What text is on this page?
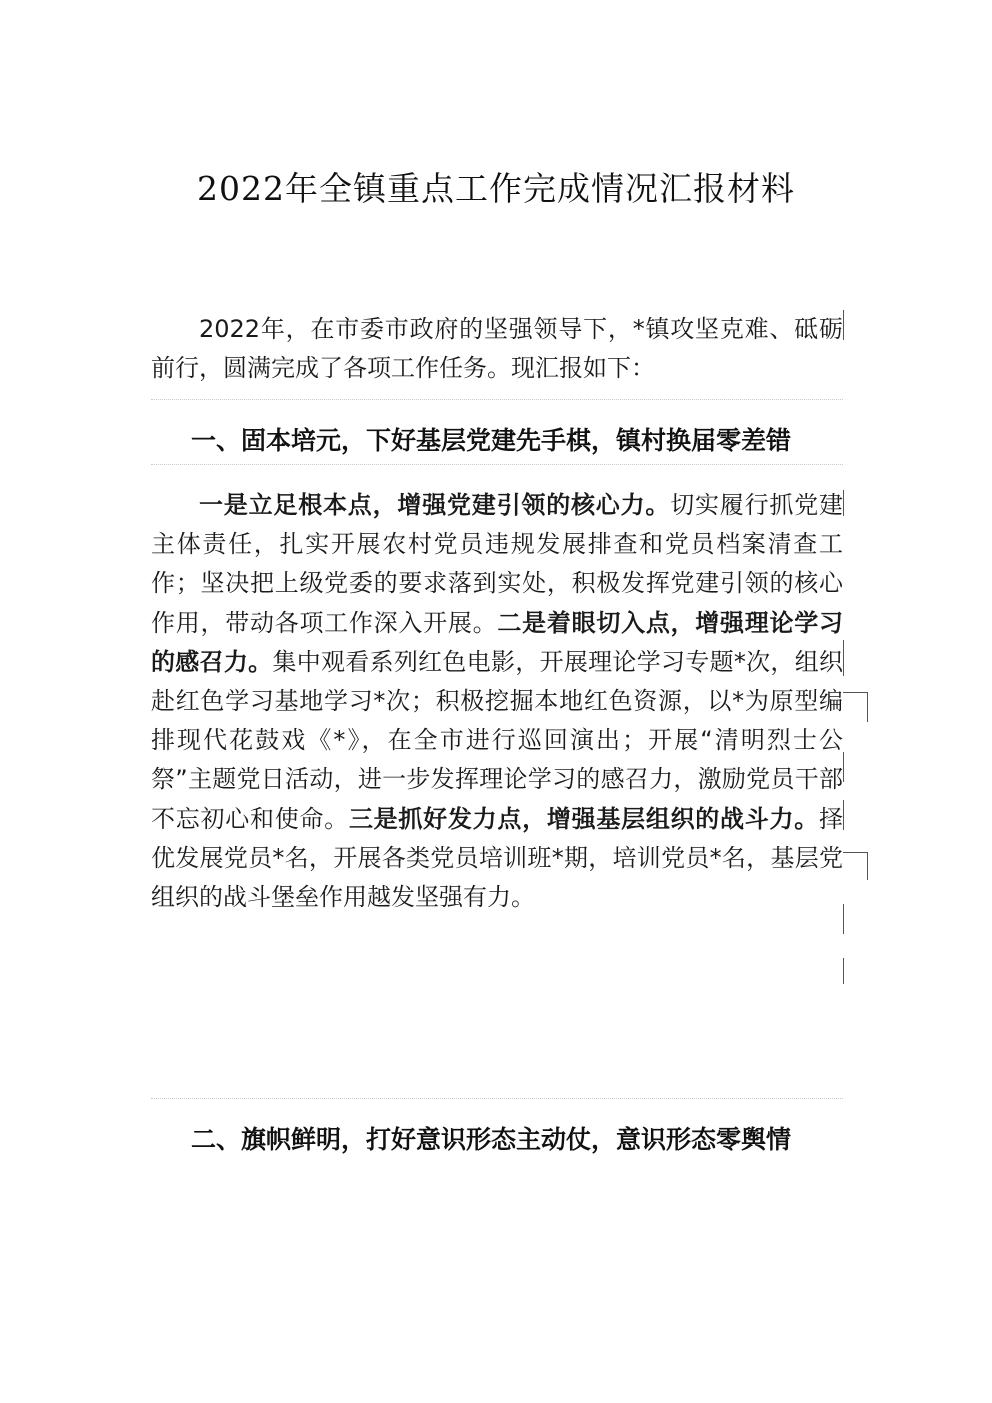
2022年全镇重点工作完成情况汇报材料

2022年，在市委市政府的坚强领导下，*镇攻坚克难、砥砺前行，圆满完成了各项工作任务。现汇报如下：

一、固本培元，下好基层党建先手棋，镇村换届零差错

一是立足根本点，增强党建引领的核心力。切实履行抓党建主体责任，扎实开展农村党员违规发展排查和党员档案清查工作；坚决把上级党委的要求落到实处，积极发挥党建引领的核心作用，带动各项工作深入开展。二是着眼切入点，增强理论学习的感召力。集中观看系列红色电影，开展理论学习专题*次，组织赴红色学习基地学习*次；积极挖掘本地红色资源，以*为原型编排现代花鼓戏《*》，在全市进行巡回演出；开展“清明烈士公祭”主题党日活动，进一步发挥理论学习的感召力，激励党员干部不忘初心和使命。三是抓好发力点，增强基层组织的战斗力。择优发展党员*名，开展各类党员培训班*期，培训党员*名，基层党组织的战斗堡垒作用越发坚强有力。

二、旗帜鲜明，打好意识形态主动仗，意识形态零舆情
